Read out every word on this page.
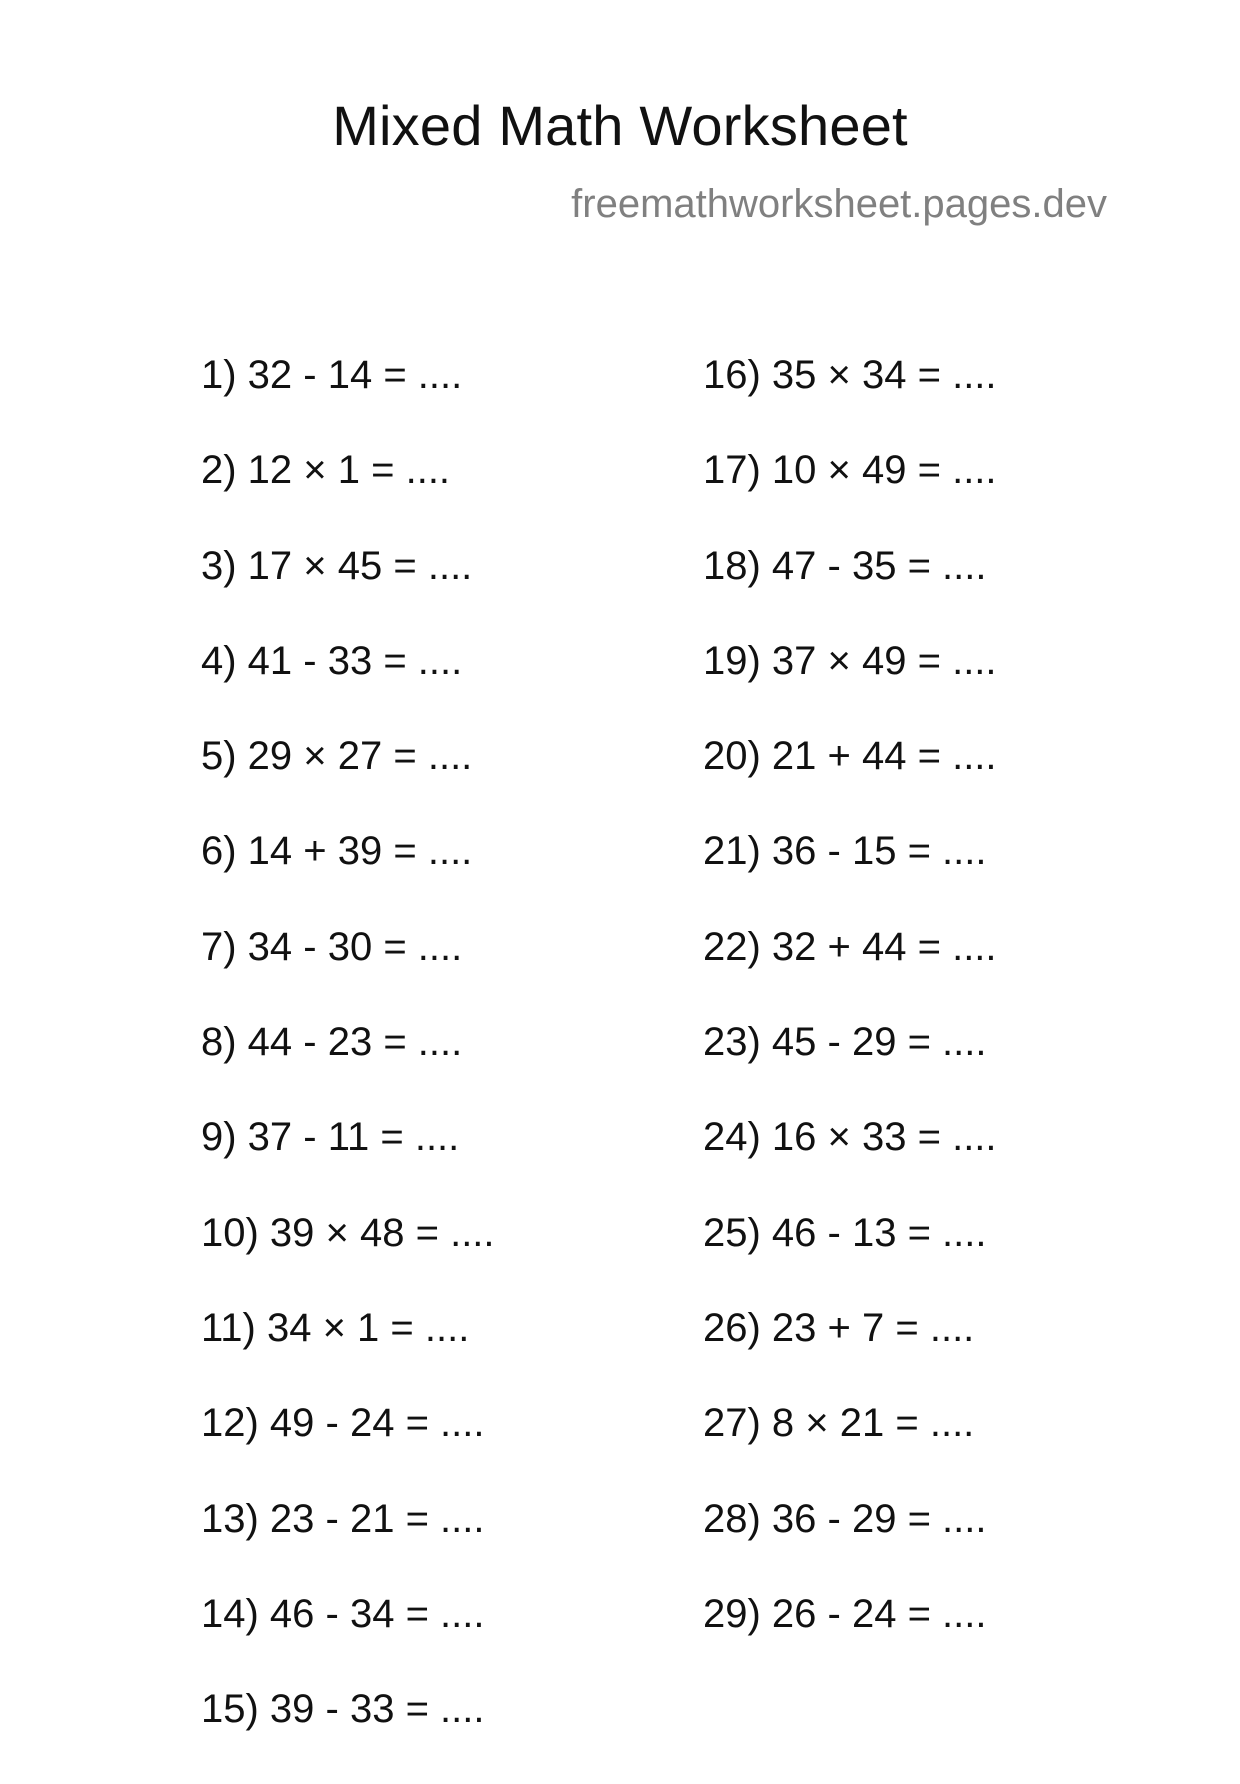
Mixed Math Worksheet
freemathworksheet.pages.dev
1) 32 - 14 = ....
2) 12 × 1 = ....
3) 17 × 45 = ....
4) 41 - 33 = ....
5) 29 × 27 = ....
6) 14 + 39 = ....
7) 34 - 30 = ....
8) 44 - 23 = ....
9) 37 - 11 = ....
10) 39 × 48 = ....
11) 34 × 1 = ....
12) 49 - 24 = ....
13) 23 - 21 = ....
14) 46 - 34 = ....
15) 39 - 33 = ....
16) 35 × 34 = ....
17) 10 × 49 = ....
18) 47 - 35 = ....
19) 37 × 49 = ....
20) 21 + 44 = ....
21) 36 - 15 = ....
22) 32 + 44 = ....
23) 45 - 29 = ....
24) 16 × 33 = ....
25) 46 - 13 = ....
26) 23 + 7 = ....
27) 8 × 21 = ....
28) 36 - 29 = ....
29) 26 - 24 = ....
